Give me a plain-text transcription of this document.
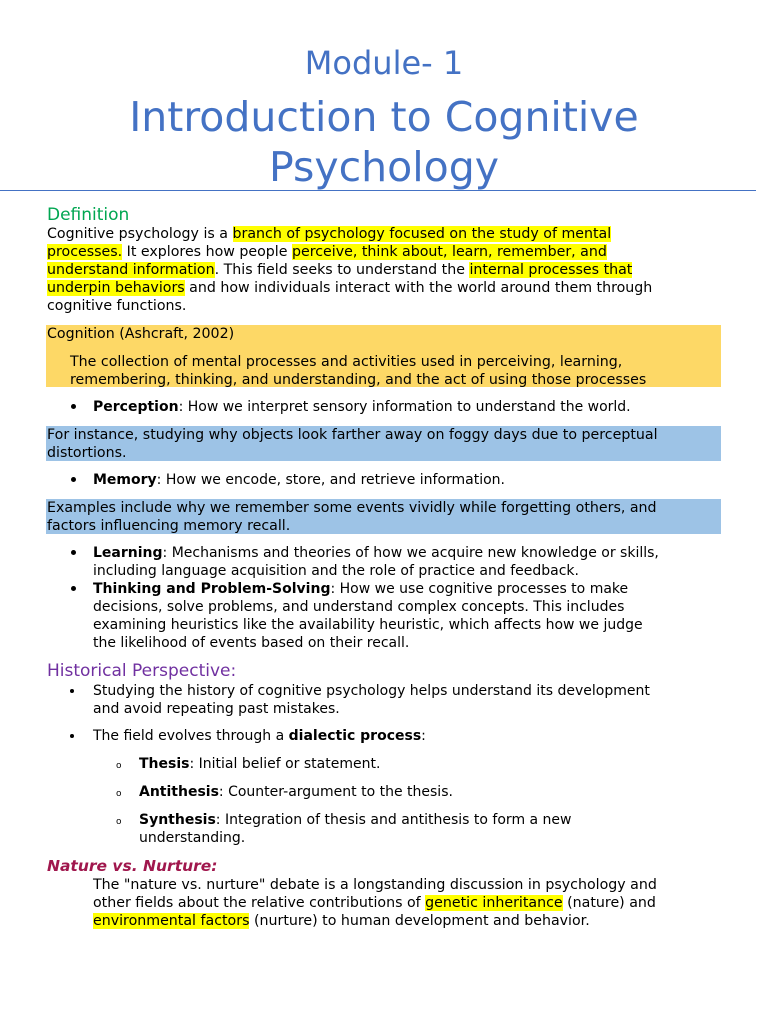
Module- 1
Introduction to Cognitive
Psychology
Definition
Cognitive psychology is a branch of psychology focused on the study of mental
processes. It explores how people perceive, think about, learn, remember, and
understand information. This field seeks to understand the internal processes that
underpin behaviors and how individuals interact with the world around them through
cognitive functions.
Cognition (Ashcraft, 2002)
The collection of mental processes and activities used in perceiving, learning,
remembering, thinking, and understanding, and the act of using those processes
Perception: How we interpret sensory information to understand the world.
For instance, studying why objects look farther away on foggy days due to perceptual
distortions.
Memory: How we encode, store, and retrieve information.
Examples include why we remember some events vividly while forgetting others, and
factors influencing memory recall.
Learning: Mechanisms and theories of how we acquire new knowledge or skills,
including language acquisition and the role of practice and feedback.
Thinking and Problem-Solving: How we use cognitive processes to make
decisions, solve problems, and understand complex concepts. This includes
examining heuristics like the availability heuristic, which affects how we judge
the likelihood of events based on their recall.
Historical Perspective:
Studying the history of cognitive psychology helps understand its development
and avoid repeating past mistakes.
The field evolves through a dialectic process:
o Thesis: Initial belief or statement.
o Antithesis: Counter-argument to the thesis.
o Synthesis: Integration of thesis and antithesis to form a new
understanding.
Nature vs. Nurture:
The "nature vs. nurture" debate is a longstanding discussion in psychology and
other fields about the relative contributions of genetic inheritance (nature) and
environmental factors (nurture) to human development and behavior.
